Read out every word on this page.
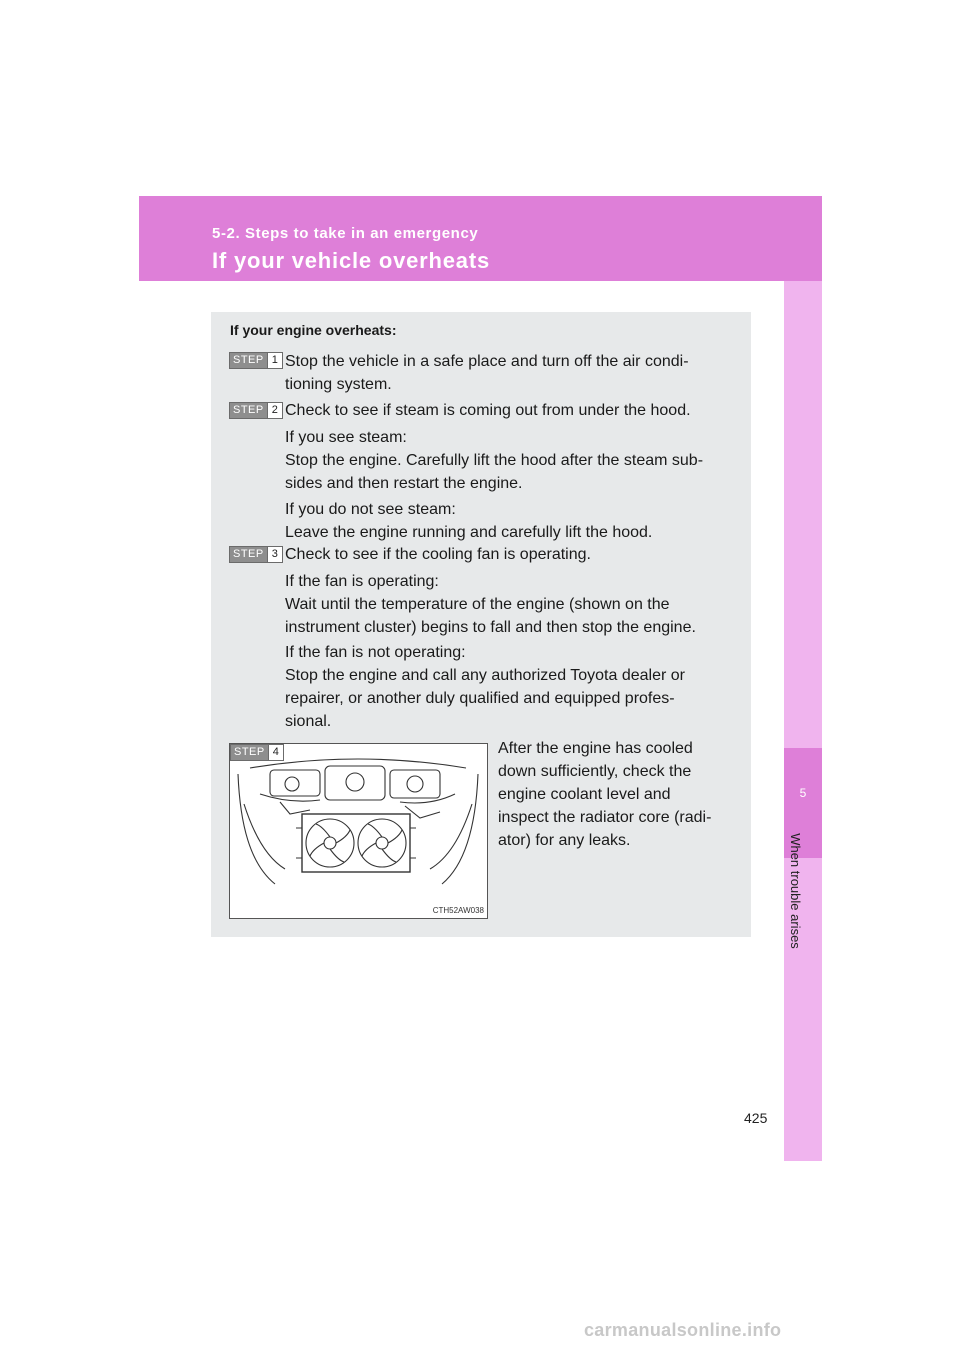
5-2. Steps to take in an emergency
If your vehicle overheats
5
When trouble arises
If your engine overheats:
STEP 1 Stop the vehicle in a safe place and turn off the air condi-
tioning system.

STEP 2 Check to see if steam is coming out from under the hood.

If you see steam:
Stop the engine. Carefully lift the hood after the steam sub-
sides and then restart the engine.

If you do not see steam:
Leave the engine running and carefully lift the hood.

STEP 3 Check to see if the cooling fan is operating.

If the fan is operating:
Wait until the temperature of the engine (shown on the
instrument cluster) begins to fall and then stop the engine.

If the fan is not operating:
Stop the engine and call any authorized Toyota dealer or
repairer, or another duly qualified and equipped profes-
sional.

STEP 4
CTH52AW038

After the engine has cooled
down sufficiently, check the
engine coolant level and
inspect the radiator core (radi-
ator) for any leaks.

425
carmanualsonline.info
